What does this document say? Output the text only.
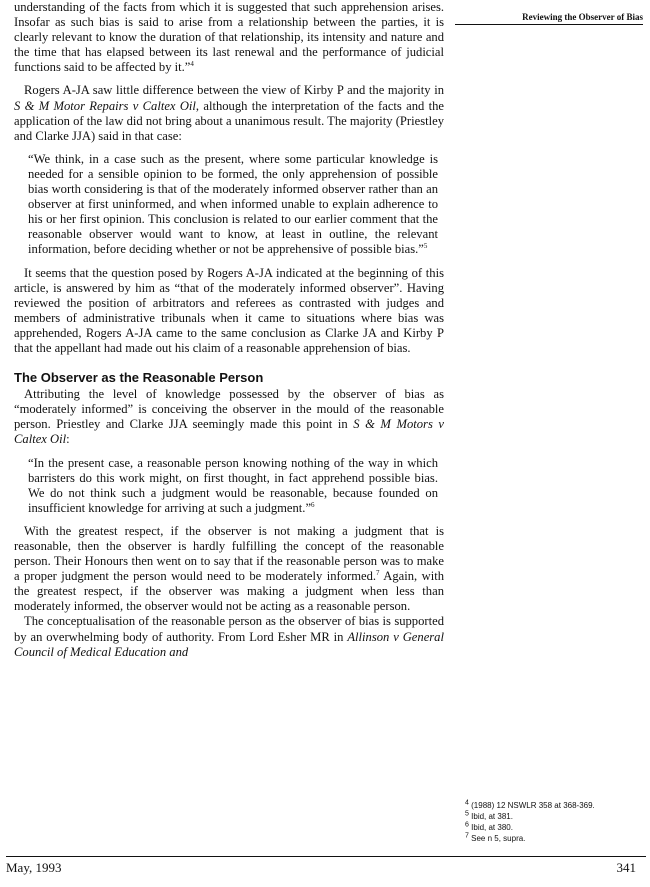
Reviewing the Observer of Bias

understanding of the facts from which it is suggested that such apprehension arises. Insofar as such bias is said to arise from a relationship between the parties, it is clearly relevant to know the duration of that relationship, its intensity and nature and the time that has elapsed between its last renewal and the performance of judicial functions said to be affected by it.”$^4$

Rogers A-JA saw little difference between the view of Kirby P and the majority in S & M Motor Repairs v Caltex Oil, although the interpretation of the facts and the application of the law did not bring about a unanimous result. The majority (Priestley and Clarke JJA) said in that case:

“We think, in a case such as the present, where some particular knowledge is needed for a sensible opinion to be formed, the only apprehension of possible bias worth considering is that of the moderately informed observer rather than an observer at first uninformed, and when informed unable to explain adherence to his or her first opinion. This conclusion is related to our earlier comment that the reasonable observer would want to know, at least in outline, the relevant information, before deciding whether or not be apprehensive of possible bias.”$^5$

It seems that the question posed by Rogers A-JA indicated at the beginning of this article, is answered by him as “that of the moderately informed observer”. Having reviewed the position of arbitrators and referees as contrasted with judges and members of administrative tribunals when it came to situations where bias was apprehended, Rogers A-JA came to the same conclusion as Clarke JA and Kirby P that the appellant had made out his claim of a reasonable apprehension of bias.

The Observer as the Reasonable Person

Attributing the level of knowledge possessed by the observer of bias as “moderately informed” is conceiving the observer in the mould of the reasonable person. Priestley and Clarke JJA seemingly made this point in S & M Motors v Caltex Oil:

“In the present case, a reasonable person knowing nothing of the way in which barristers do this work might, on first thought, in fact apprehend possible bias. We do not think such a judgment would be reasonable, because founded on insufficient knowledge for arriving at such a judgment.”$^6$

With the greatest respect, if the observer is not making a judgment that is reasonable, then the observer is hardly fulfilling the concept of the reasonable person. Their Honours then went on to say that if the reasonable person was to make a proper judgment the person would need to be moderately informed.$^7$ Again, with the greatest respect, if the observer was making a judgment when less than moderately informed, the observer would not be acting as a reasonable person.

The conceptualisation of the reasonable person as the observer of bias is supported by an overwhelming body of authority. From Lord Esher MR in Allinson v General Council of Medical Education and

$^4$ (1988) 12 NSWLR 358 at 368-369.
$^5$ Ibid, at 381.
$^6$ Ibid, at 380.
$^7$ See n 5, supra.
May, 1993	341
